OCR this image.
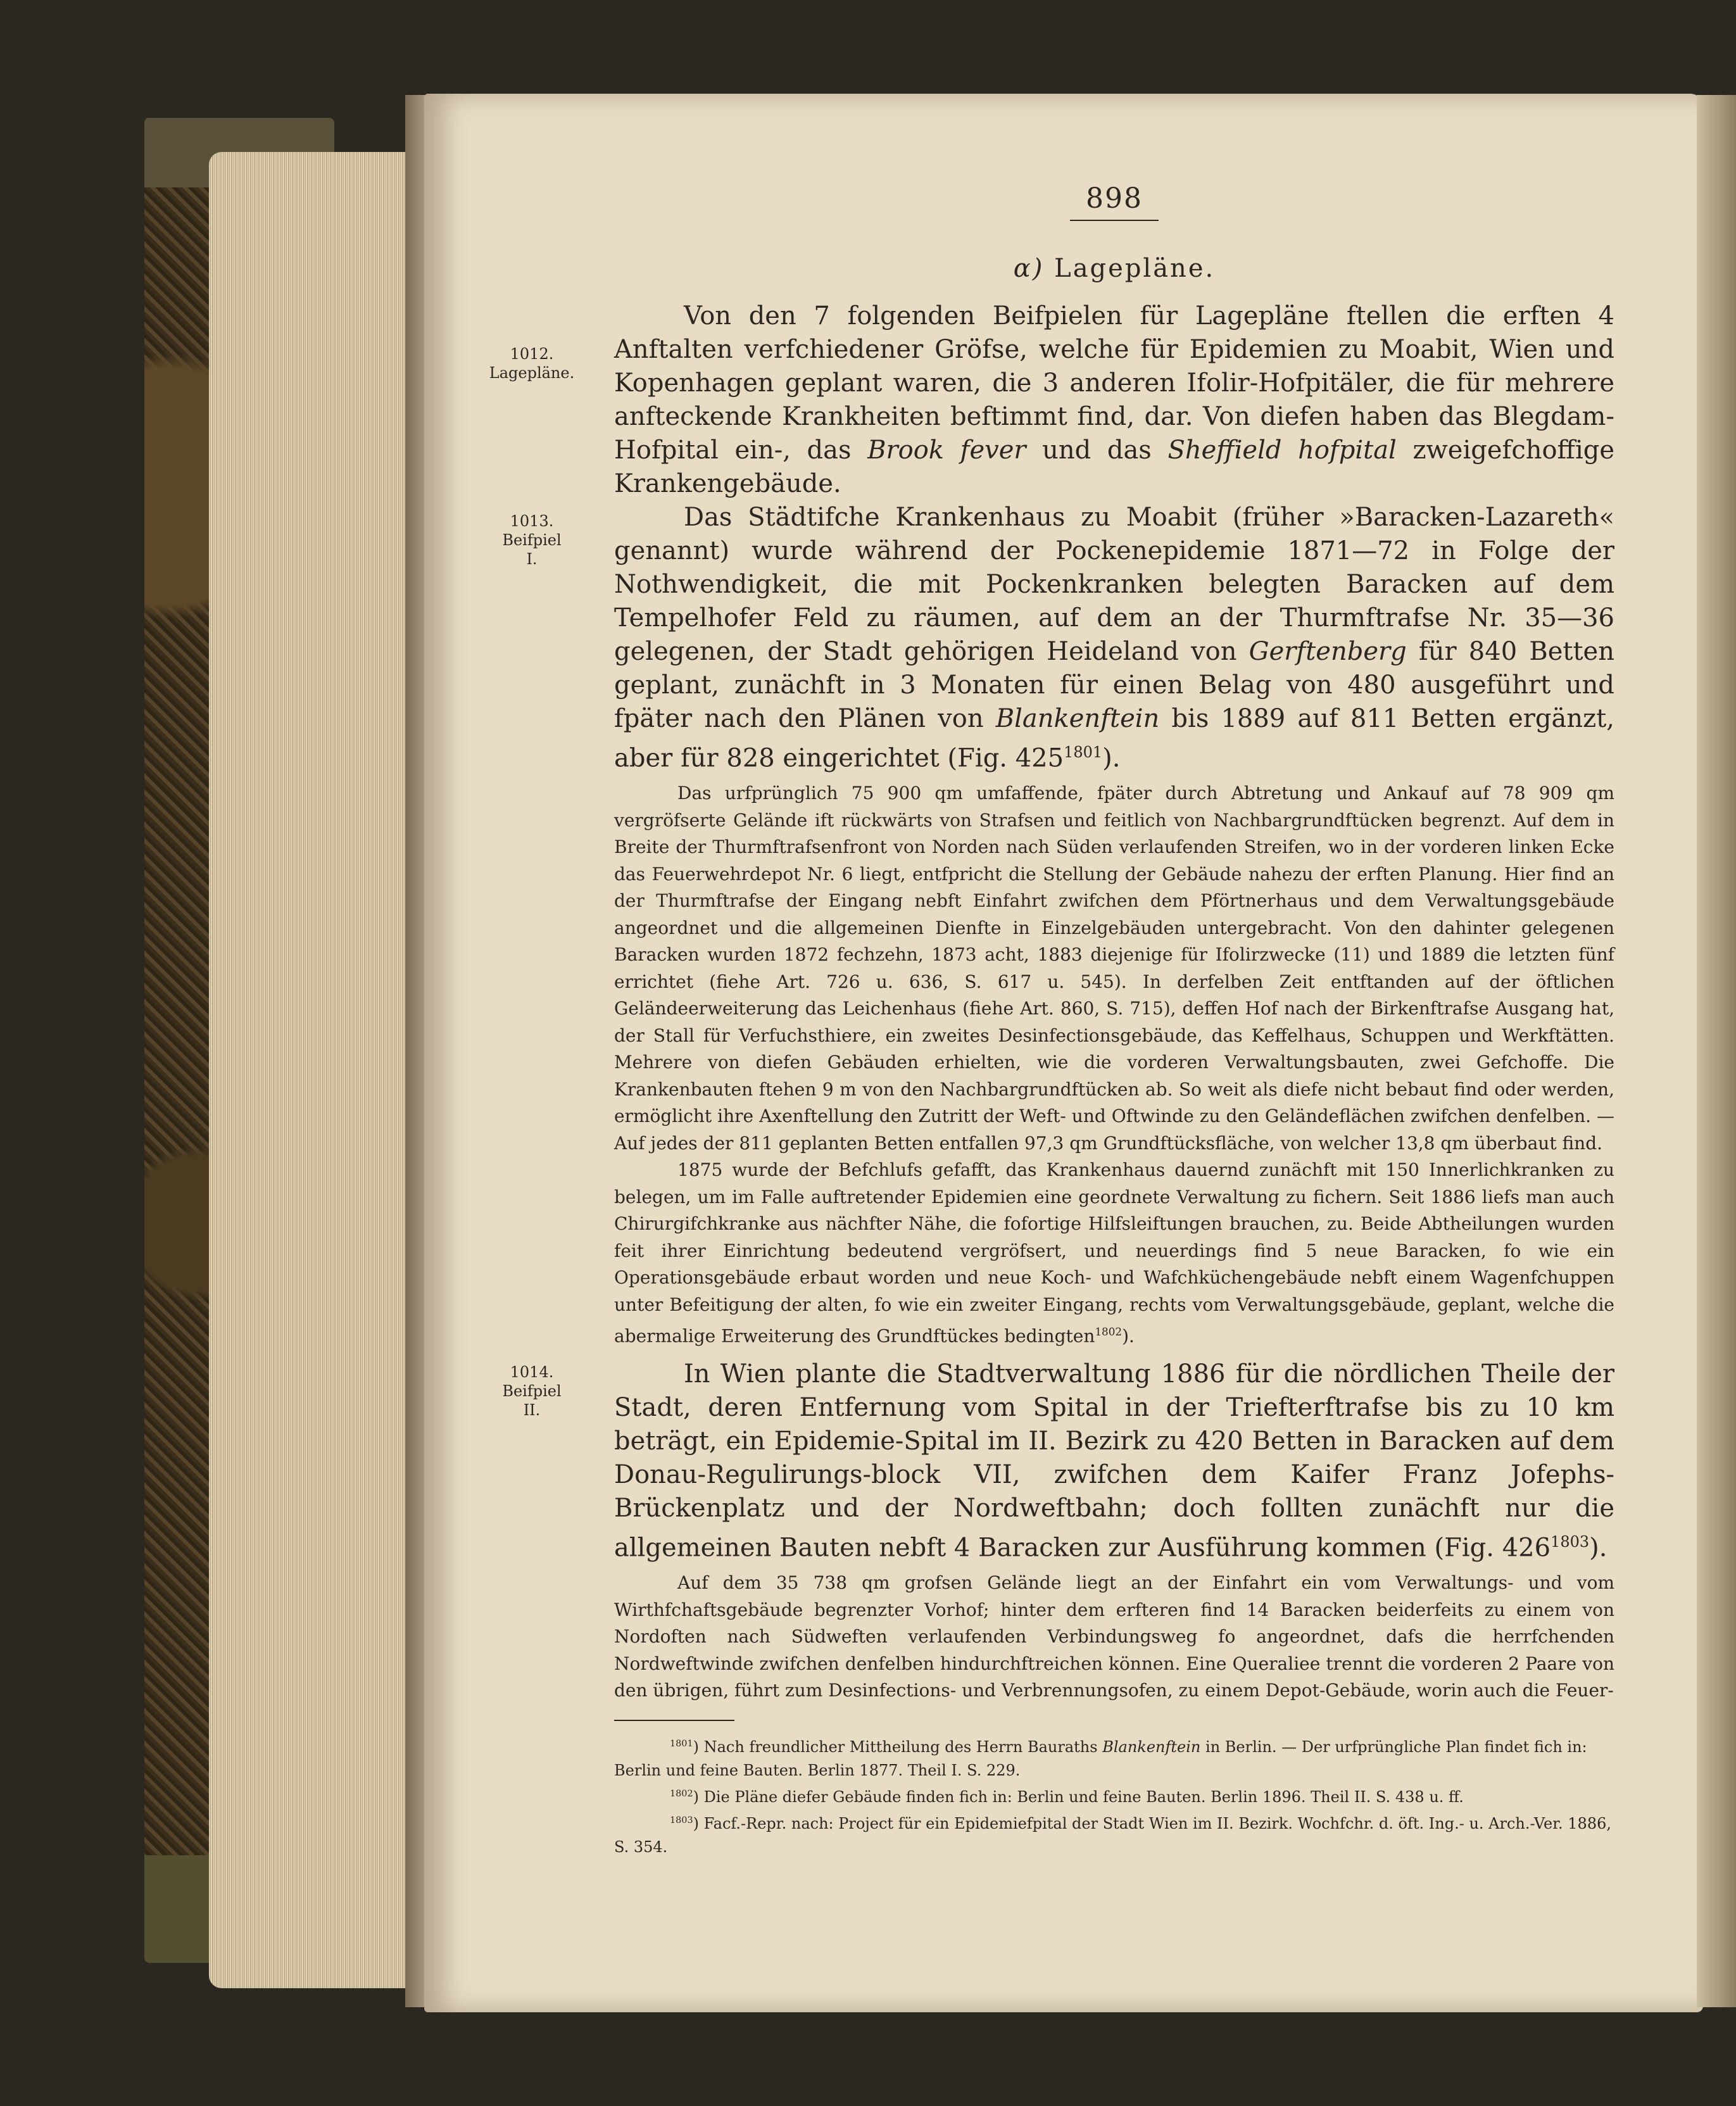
1012.
Lagepläne.
1013.
Beifpiel
I.
1014.
Beifpiel
II.
898
α) Lagepläne.

Von den 7 folgenden Beifpielen für Lagepläne ftellen die erften 4 Anftalten verfchiedener Gröfse, welche für Epidemien zu Moabit, Wien und Kopenhagen geplant waren, die 3 anderen Ifolir-Hofpitäler, die für mehrere anfteckende Krankheiten beftimmt find, dar. Von diefen haben das Blegdam-Hofpital ein-, das Brook fever und das Sheffield hofpital zweigefchoffige Krankengebäude.

Das Städtifche Krankenhaus zu Moabit (früher »Baracken-Lazareth« genannt) wurde während der Pockenepidemie 1871—72 in Folge der Nothwendigkeit, die mit Pockenkranken belegten Baracken auf dem Tempelhofer Feld zu räumen, auf dem an der Thurmftrafse Nr. 35—36 gelegenen, der Stadt gehörigen Heideland von Gerftenberg für 840 Betten geplant, zunächft in 3 Monaten für einen Belag von 480 ausgeführt und fpäter nach den Plänen von Blankenftein bis 1889 auf 811 Betten ergänzt, aber für 828 eingerichtet (Fig. $425^{1801}$).

Das urfprünglich 75 900 qm umfaffende, fpäter durch Abtretung und Ankauf auf 78 909 qm vergröfserte Gelände ift rückwärts von Strafsen und feitlich von Nachbargrundftücken begrenzt. Auf dem in Breite der Thurmftrafsenfront von Norden nach Süden verlaufenden Streifen, wo in der vorderen linken Ecke das Feuerwehrdepot Nr. 6 liegt, entfpricht die Stellung der Gebäude nahezu der erften Planung. Hier find an der Thurmftrafse der Eingang nebft Einfahrt zwifchen dem Pförtnerhaus und dem Verwaltungsgebäude angeordnet und die allgemeinen Dienfte in Einzelgebäuden untergebracht. Von den dahinter gelegenen Baracken wurden 1872 fechzehn, 1873 acht, 1883 diejenige für Ifolirzwecke (11) und 1889 die letzten fünf errichtet (fiehe Art. 726 u. 636, S. 617 u. 545). In derfelben Zeit entftanden auf der öftlichen Geländeerweiterung das Leichenhaus (fiehe Art. 860, S. 715), deffen Hof nach der Birkenftrafse Ausgang hat, der Stall für Verfuchsthiere, ein zweites Desinfectionsgebäude, das Keffelhaus, Schuppen und Werkftätten. Mehrere von diefen Gebäuden erhielten, wie die vorderen Verwaltungsbauten, zwei Gefchoffe. Die Krankenbauten ftehen 9 m von den Nachbargrundftücken ab. So weit als diefe nicht bebaut find oder werden, ermöglicht ihre Axenftellung den Zutritt der Weft- und Oftwinde zu den Geländeflächen zwifchen denfelben. — Auf jedes der 811 geplanten Betten entfallen 97,3 qm Grundftücksfläche, von welcher 13,8 qm überbaut find.

1875 wurde der Befchlufs gefafft, das Krankenhaus dauernd zunächft mit 150 Innerlichkranken zu belegen, um im Falle auftretender Epidemien eine geordnete Verwaltung zu fichern. Seit 1886 liefs man auch Chirurgifchkranke aus nächfter Nähe, die fofortige Hilfsleiftungen brauchen, zu. Beide Abtheilungen wurden feit ihrer Einrichtung bedeutend vergröfsert, und neuerdings find 5 neue Baracken, fo wie ein Operationsgebäude erbaut worden und neue Koch- und Wafchküchengebäude nebft einem Wagenfchuppen unter Befeitigung der alten, fo wie ein zweiter Eingang, rechts vom Verwaltungsgebäude, geplant, welche die abermalige Erweiterung des Grundftückes bedingten$^{1802}$).

In Wien plante die Stadtverwaltung 1886 für die nördlichen Theile der Stadt, deren Entfernung vom Spital in der Triefterftrafse bis zu 10 km beträgt, ein Epidemie-Spital im II. Bezirk zu 420 Betten in Baracken auf dem Donau-Regulirungs-block VII, zwifchen dem Kaifer Franz Jofephs-Brückenplatz und der Nordweftbahn; doch follten zunächft nur die allgemeinen Bauten nebft 4 Baracken zur Ausführung kommen (Fig. $426^{1803}$).

Auf dem 35 738 qm grofsen Gelände liegt an der Einfahrt ein vom Verwaltungs- und vom Wirthfchaftsgebäude begrenzter Vorhof; hinter dem erfteren find 14 Baracken beiderfeits zu einem von Nordoften nach Südweften verlaufenden Verbindungsweg fo angeordnet, dafs die herrfchenden Nordweftwinde zwifchen denfelben hindurchftreichen können. Eine Queraliee trennt die vorderen 2 Paare von den übrigen, führt zum Desinfections- und Verbrennungsofen, zu einem Depot-Gebäude, worin auch die Feuer-

$^{1801}$) Nach freundlicher Mittheilung des Herrn Bauraths Blankenftein in Berlin. — Der urfprüngliche Plan findet fich in: Berlin und feine Bauten. Berlin 1877. Theil I. S. 229.

$^{1802}$) Die Pläne diefer Gebäude finden fich in: Berlin und feine Bauten. Berlin 1896. Theil II. S. 438 u. ff.

$^{1803}$) Facf.-Repr. nach: Project für ein Epidemiefpital der Stadt Wien im II. Bezirk. Wochfchr. d. öft. Ing.- u. Arch.-Ver. 1886, S. 354.
